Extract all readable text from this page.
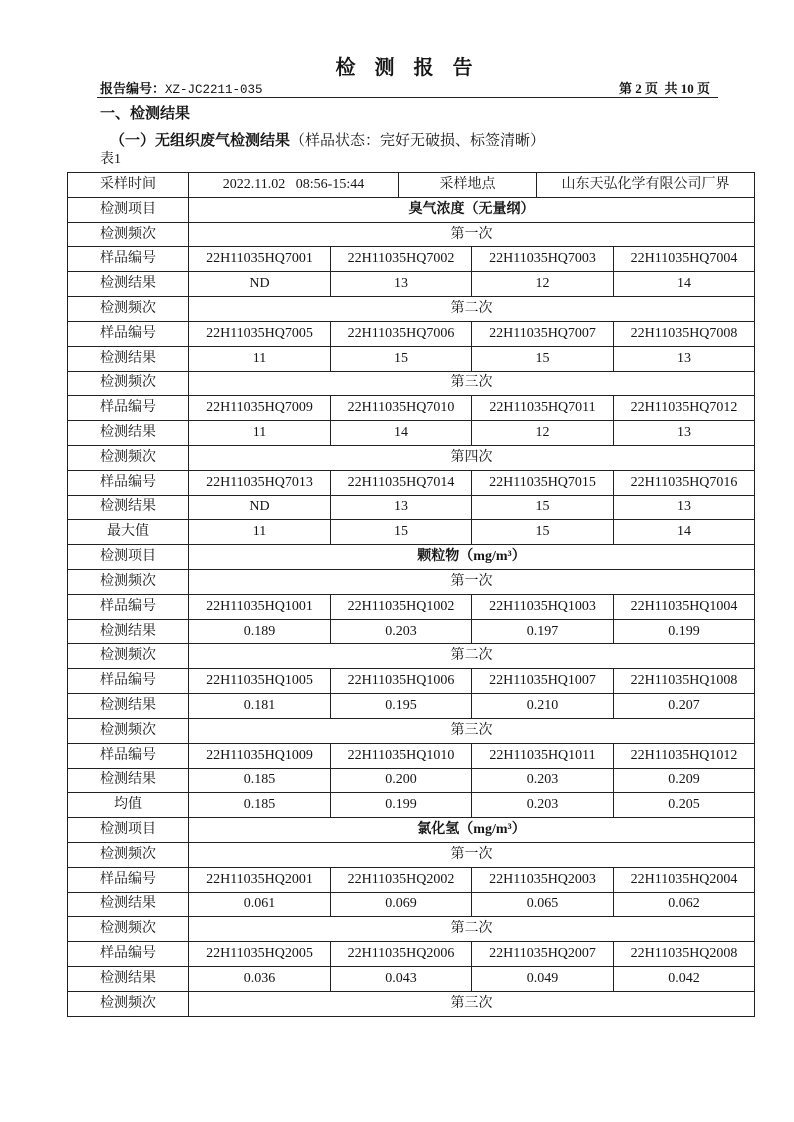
检 测 报 告
报告编号：XZ-JC2211-035	第 2 页  共 10 页
一、检测结果
（一）无组织废气检测结果（样品状态：完好无破损、标签清晰）
表1
采样时间	2022.11.02   08:56-15:44		采样地点		山东天弘化学有限公司厂界	
检测项目	臭气浓度（无量纲）					
检测频次	第一次					
样品编号	22H11035HQ7001	22H11035HQ7002		22H11035HQ7003		22H11035HQ7004
检测结果	ND	13		12		14
检测频次	第二次					
样品编号	22H11035HQ7005	22H11035HQ7006		22H11035HQ7007		22H11035HQ7008
检测结果	11	15		15		13
检测频次	第三次					
样品编号	22H11035HQ7009	22H11035HQ7010		22H11035HQ7011		22H11035HQ7012
检测结果	11	14		12		13
检测频次	第四次					
样品编号	22H11035HQ7013	22H11035HQ7014		22H11035HQ7015		22H11035HQ7016
检测结果	ND	13		15		13
最大值	11	15		15		14
检测项目	颗粒物（mg/m³）					
检测频次	第一次					
样品编号	22H11035HQ1001	22H11035HQ1002		22H11035HQ1003		22H11035HQ1004
检测结果	0.189	0.203		0.197		0.199
检测频次	第二次					
样品编号	22H11035HQ1005	22H11035HQ1006		22H11035HQ1007		22H11035HQ1008
检测结果	0.181	0.195		0.210		0.207
检测频次	第三次					
样品编号	22H11035HQ1009	22H11035HQ1010		22H11035HQ1011		22H11035HQ1012
检测结果	0.185	0.200		0.203		0.209
均值	0.185	0.199		0.203		0.205
检测项目	氯化氢（mg/m³）					
检测频次	第一次					
样品编号	22H11035HQ2001	22H11035HQ2002		22H11035HQ2003		22H11035HQ2004
检测结果	0.061	0.069		0.065		0.062
检测频次	第二次					
样品编号	22H11035HQ2005	22H11035HQ2006		22H11035HQ2007		22H11035HQ2008
检测结果	0.036	0.043		0.049		0.042
检测频次	第三次					
